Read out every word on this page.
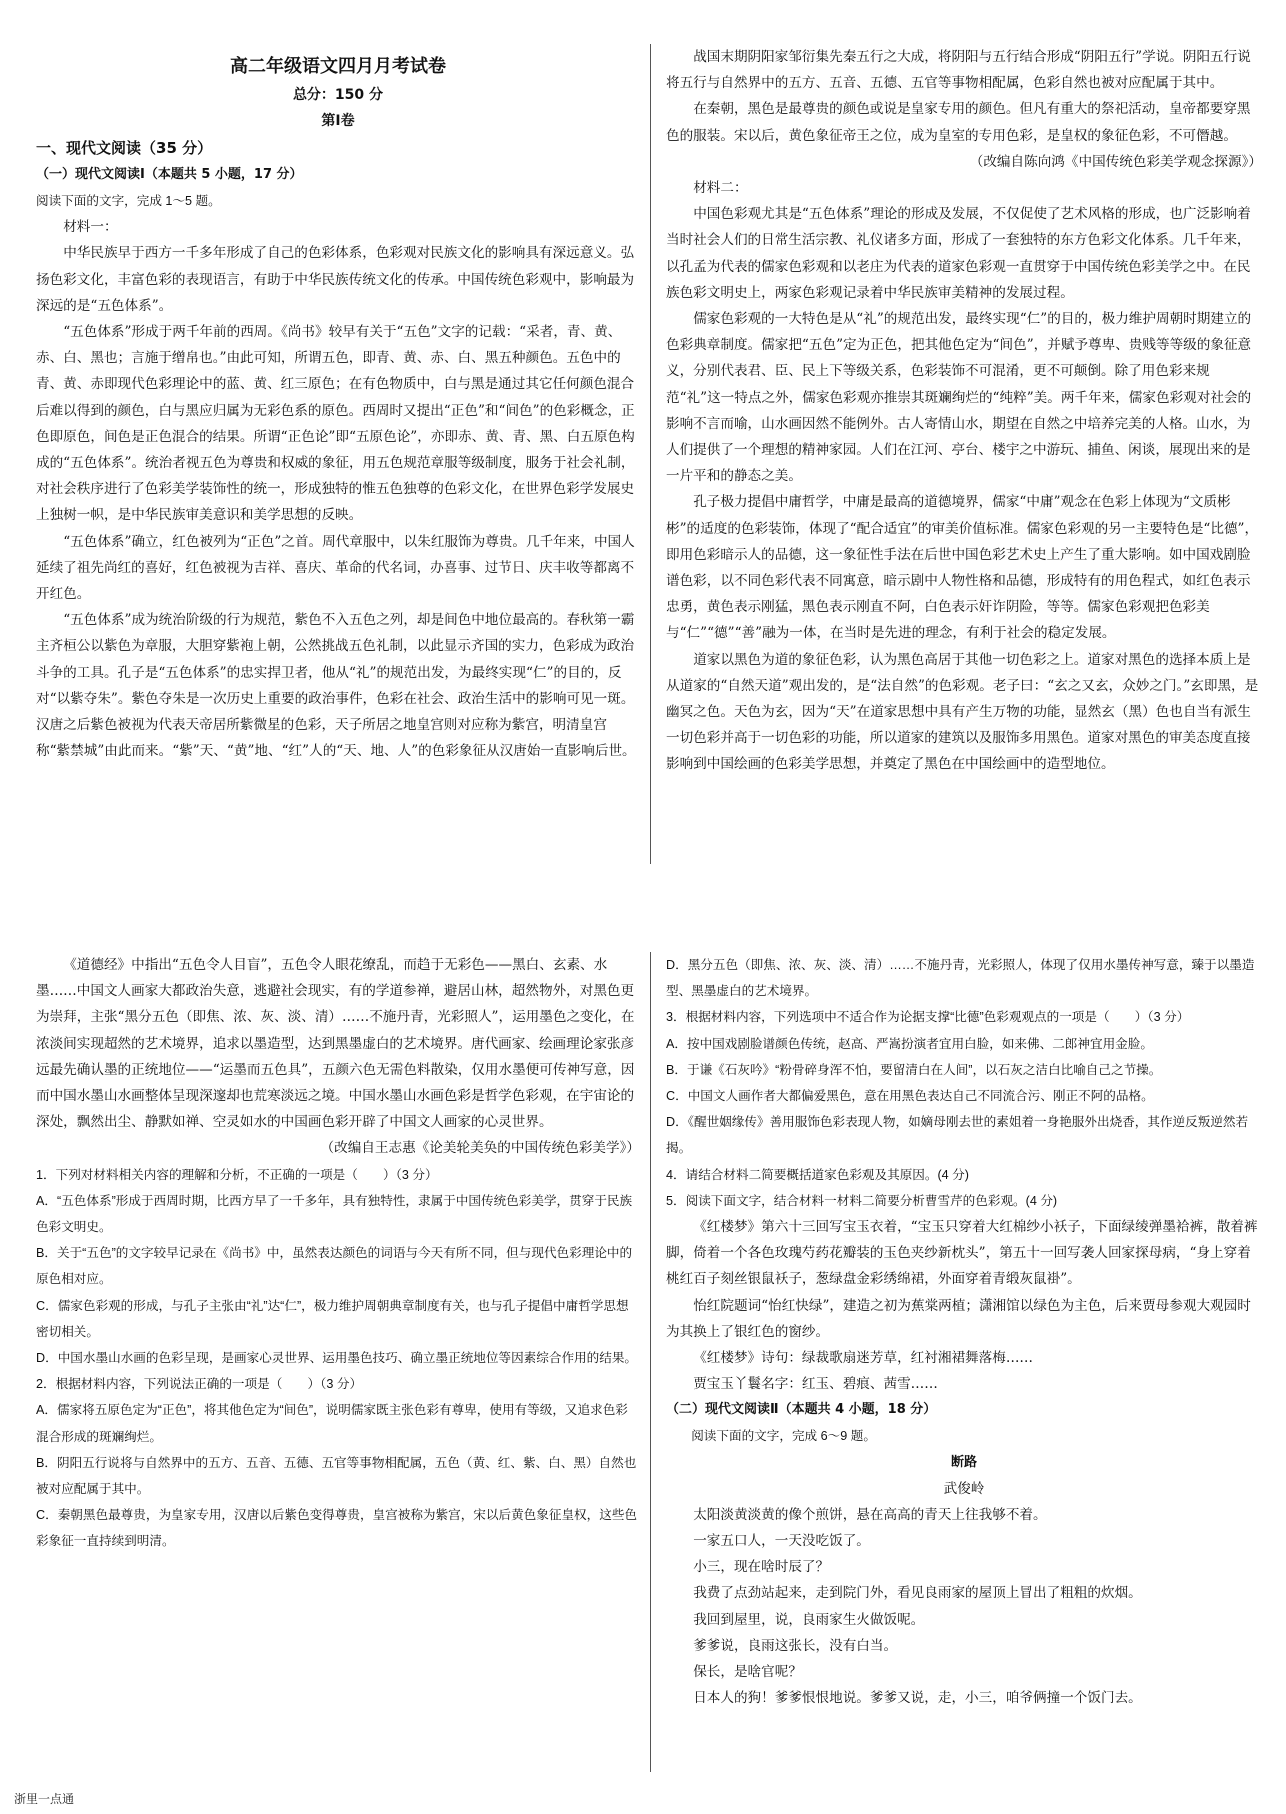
高二年级语文四月月考试卷

总分：150 分

第Ⅰ卷

一、现代文阅读（35 分）

（一）现代文阅读Ⅰ（本题共 5 小题，17 分）

阅读下面的文字，完成 1～5 题。

材料一：

中华民族早于西方一千多年形成了自己的色彩体系，色彩观对民族文化的影响具有深远意义。弘扬色彩文化，丰富色彩的表现语言，有助于中华民族传统文化的传承。中国传统色彩观中，影响最为深远的是“五色体系”。

“五色体系”形成于两千年前的西周。《尚书》较早有关于“五色”文字的记载：“采者，青、黄、赤、白、黑也；言施于缯帛也。”由此可知，所谓五色，即青、黄、赤、白、黑五种颜色。五色中的青、黄、赤即现代色彩理论中的蓝、黄、红三原色；在有色物质中，白与黑是通过其它任何颜色混合后难以得到的颜色，白与黑应归属为无彩色系的原色。西周时又提出“正色”和“间色”的色彩概念，正色即原色，间色是正色混合的结果。所谓“正色论”即“五原色论”，亦即赤、黄、青、黑、白五原色构成的“五色体系”。统治者视五色为尊贵和权威的象征，用五色规范章服等级制度，服务于社会礼制，对社会秩序进行了色彩美学装饰性的统一，形成独特的惟五色独尊的色彩文化，在世界色彩学发展史上独树一帜，是中华民族审美意识和美学思想的反映。

“五色体系”确立，红色被列为“正色”之首。周代章服中，以朱红服饰为尊贵。几千年来，中国人延续了祖先尚红的喜好，红色被视为吉祥、喜庆、革命的代名词，办喜事、过节日、庆丰收等都离不开红色。

“五色体系”成为统治阶级的行为规范，紫色不入五色之列，却是间色中地位最高的。春秋第一霸主齐桓公以紫色为章服，大胆穿紫袍上朝，公然挑战五色礼制，以此显示齐国的实力，色彩成为政治斗争的工具。孔子是“五色体系”的忠实捍卫者，他从“礼”的规范出发，为最终实现“仁”的目的，反对“以紫夺朱”。紫色夺朱是一次历史上重要的政治事件，色彩在社会、政治生活中的影响可见一斑。汉唐之后紫色被视为代表天帝居所紫微星的色彩，天子所居之地皇宫则对应称为紫宫，明清皇宫称“紫禁城”由此而来。“紫”天、“黄”地、“红”人的“天、地、人”的色彩象征从汉唐始一直影响后世。

战国末期阴阳家邹衍集先秦五行之大成，将阴阳与五行结合形成“阴阳五行”学说。阴阳五行说将五行与自然界中的五方、五音、五德、五官等事物相配属，色彩自然也被对应配属于其中。

在秦朝，黑色是最尊贵的颜色或说是皇家专用的颜色。但凡有重大的祭祀活动，皇帝都要穿黑色的服装。宋以后，黄色象征帝王之位，成为皇室的专用色彩，是皇权的象征色彩，不可僭越。

（改编自陈向鸿《中国传统色彩美学观念探源》）

材料二：

中国色彩观尤其是“五色体系”理论的形成及发展，不仅促使了艺术风格的形成，也广泛影响着当时社会人们的日常生活宗教、礼仪诸多方面，形成了一套独特的东方色彩文化体系。几千年来，以孔孟为代表的儒家色彩观和以老庄为代表的道家色彩观一直贯穿于中国传统色彩美学之中。在民族色彩文明史上，两家色彩观记录着中华民族审美精神的发展过程。

儒家色彩观的一大特色是从“礼”的规范出发，最终实现“仁”的目的，极力维护周朝时期建立的色彩典章制度。儒家把“五色”定为正色，把其他色定为“间色”，并赋予尊卑、贵贱等等级的象征意义，分别代表君、臣、民上下等级关系，色彩装饰不可混淆，更不可颠倒。除了用色彩来规范“礼”这一特点之外，儒家色彩观亦推崇其斑斓绚烂的“纯粹”美。两千年来，儒家色彩观对社会的影响不言而喻，山水画因然不能例外。古人寄情山水，期望在自然之中培养完美的人格。山水，为人们提供了一个理想的精神家园。人们在江河、亭台、楼宇之中游玩、捕鱼、闲谈，展现出来的是一片平和的静态之美。

孔子极力提倡中庸哲学，中庸是最高的道德境界，儒家“中庸”观念在色彩上体现为“文质彬彬”的适度的色彩装饰，体现了“配合适宜”的审美价值标准。儒家色彩观的另一主要特色是“比德”，即用色彩暗示人的品德，这一象征性手法在后世中国色彩艺术史上产生了重大影响。如中国戏剧脸谱色彩，以不同色彩代表不同寓意，暗示剧中人物性格和品德，形成特有的用色程式，如红色表示忠勇，黄色表示刚猛，黑色表示刚直不阿，白色表示奸诈阴险，等等。儒家色彩观把色彩美与“仁”“德”“善”融为一体，在当时是先进的理念，有利于社会的稳定发展。

道家以黑色为道的象征色彩，认为黑色高居于其他一切色彩之上。道家对黑色的选择本质上是从道家的“自然天道”观出发的，是“法自然”的色彩观。老子曰：“玄之又玄，众妙之门。”玄即黑，是幽冥之色。天色为玄，因为“天”在道家思想中具有产生万物的功能，显然玄（黑）色也自当有派生一切色彩并高于一切色彩的功能，所以道家的建筑以及服饰多用黑色。道家对黑色的审美态度直接影响到中国绘画的色彩美学思想，并奠定了黑色在中国绘画中的造型地位。

《道德经》中指出“五色令人目盲”，五色令人眼花缭乱，而趋于无彩色——黑白、玄素、水墨……中国文人画家大都政治失意，逃避社会现实，有的学道参禅，避居山林，超然物外，对黑色更为崇拜，主张“黑分五色（即焦、浓、灰、淡、清）……不施丹青，光彩照人”，运用墨色之变化，在浓淡间实现超然的艺术境界，追求以墨造型，达到黑墨虚白的艺术境界。唐代画家、绘画理论家张彦远最先确认墨的正统地位——“运墨而五色具”，五颜六色无需色料散染，仅用水墨便可传神写意，因而中国水墨山水画整体呈现深邃却也荒寒淡远之境。中国水墨山水画色彩是哲学色彩观，在宇宙论的深处，飘然出尘、静默如禅、空灵如水的中国画色彩开辟了中国文人画家的心灵世界。

（改编自王志惠《论美轮美奂的中国传统色彩美学》）

1．下列对材料相关内容的理解和分析，不正确的一项是（　　）（3 分）

A．“五色体系”形成于西周时期，比西方早了一千多年，具有独特性，隶属于中国传统色彩美学，贯穿于民族色彩文明史。

B．关于“五色”的文字较早记录在《尚书》中，虽然表达颜色的词语与今天有所不同，但与现代色彩理论中的原色相对应。

C．儒家色彩观的形成，与孔子主张由“礼”达“仁”，极力维护周朝典章制度有关，也与孔子提倡中庸哲学思想密切相关。

D．中国水墨山水画的色彩呈现，是画家心灵世界、运用墨色技巧、确立墨正统地位等因素综合作用的结果。

2．根据材料内容，下列说法正确的一项是（　　）（3 分）

A．儒家将五原色定为“正色”，将其他色定为“间色”，说明儒家既主张色彩有尊卑，使用有等级，又追求色彩混合形成的斑斓绚烂。

B．阴阳五行说将与自然界中的五方、五音、五德、五官等事物相配属，五色（黄、红、紫、白、黑）自然也被对应配属于其中。

C．秦朝黑色最尊贵，为皇家专用，汉唐以后紫色变得尊贵，皇宫被称为紫宫，宋以后黄色象征皇权，这些色彩象征一直持续到明清。

D．黑分五色（即焦、浓、灰、淡、清）……不施丹青，光彩照人，体现了仅用水墨传神写意，臻于以墨造型、黑墨虚白的艺术境界。

3．根据材料内容，下列选项中不适合作为论据支撑“比德”色彩观观点的一项是（　　）（3 分）

A．按中国戏剧脸谱颜色传统，赵高、严嵩扮演者宜用白脸，如来佛、二郎神宜用金脸。

B．于谦《石灰吟》“粉骨碎身浑不怕，要留清白在人间”，以石灰之洁白比喻自己之节操。

C．中国文人画作者大都偏爱黑色，意在用黑色表达自己不同流合污、刚正不阿的品格。

D．《醒世姻缘传》善用服饰色彩表现人物，如嫡母刚去世的素姐着一身艳服外出烧香，其作逆反叛逆然若揭。

4．请结合材料二简要概括道家色彩观及其原因。(4 分)

5．阅读下面文字，结合材料一材料二简要分析曹雪芹的色彩观。(4 分)

《红楼梦》第六十三回写宝玉衣着，“宝玉只穿着大红棉纱小袄子，下面绿绫弹墨袷裤，散着裤脚，倚着一个各色玫瑰芍药花瓣装的玉色夹纱新枕头”，第五十一回写袭人回家探母病，“身上穿着桃红百子刻丝银鼠袄子，葱绿盘金彩绣绵裙，外面穿着青缎灰鼠褂”。

怡红院题词“怡红快绿”，建造之初为蕉棠两植；潇湘馆以绿色为主色，后来贾母参观大观园时为其换上了银红色的窗纱。

《红楼梦》诗句：绿裁歌扇迷芳草，红衬湘裙舞落梅……

贾宝玉丫鬟名字：红玉、碧痕、茜雪……

（二）现代文阅读Ⅱ（本题共 4 小题，18 分）

阅读下面的文字，完成 6～9 题。

断路

武俊岭

太阳淡黄淡黄的像个煎饼，悬在高高的青天上往我够不着。

一家五口人，一天没吃饭了。

小三，现在啥时辰了？

我费了点劲站起来，走到院门外，看见良雨家的屋顶上冒出了粗粗的炊烟。

我回到屋里，说，良雨家生火做饭呢。

爹爹说，良雨这张长，没有白当。

保长，是啥官呢？

日本人的狗！爹爹恨恨地说。爹爹又说，走，小三，咱爷俩撞一个饭门去。

浙里一点通
